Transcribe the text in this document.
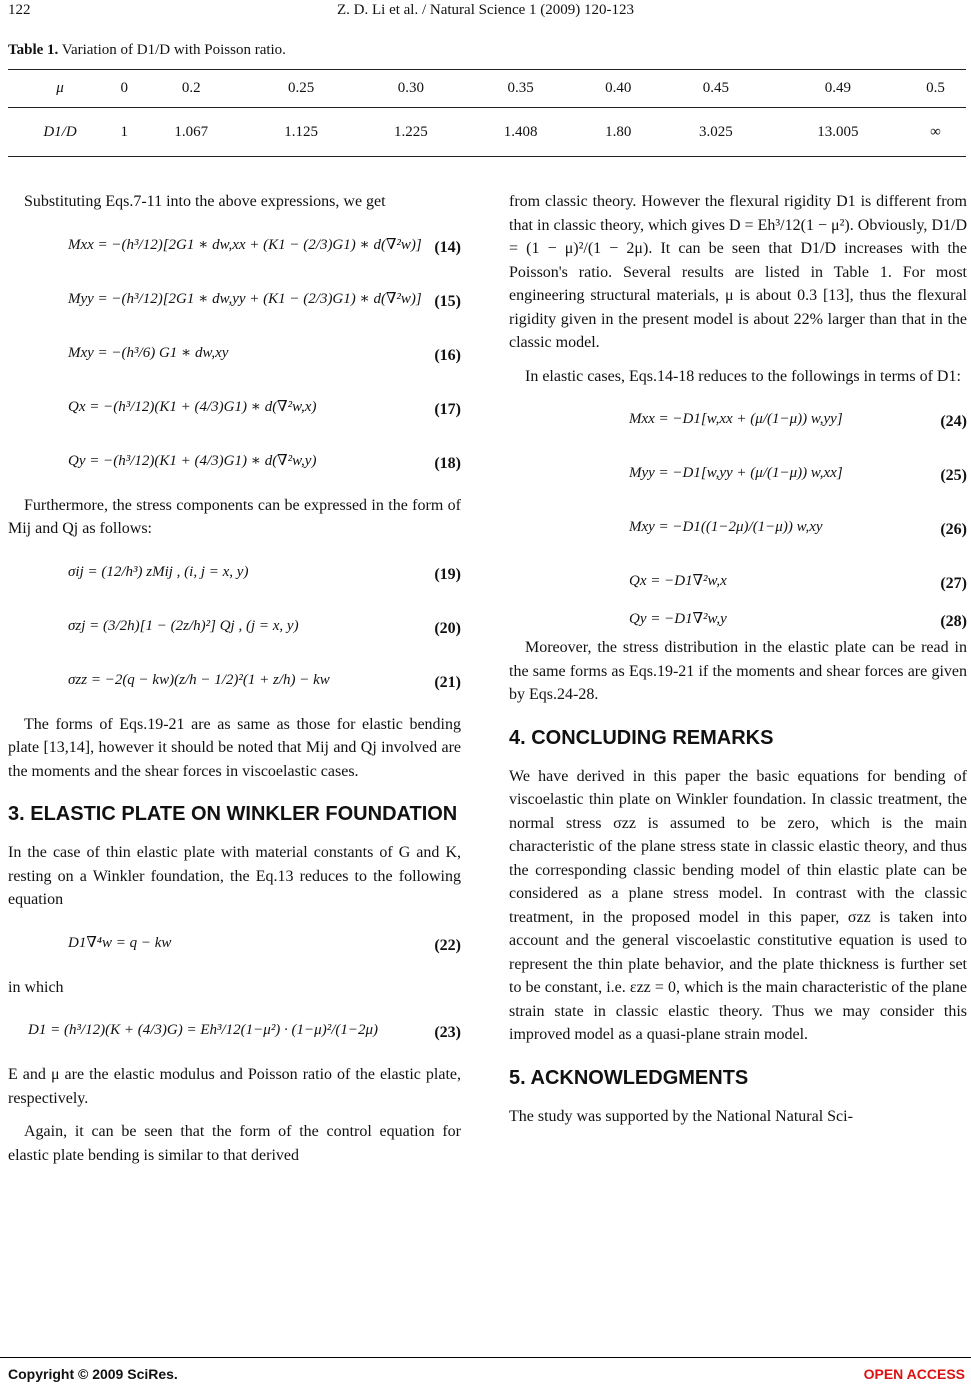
122	Z. D. Li et al. / Natural Science 1 (2009) 120-123
Table 1. Variation of D1/D with Poisson ratio.
μ	0	0.2	0.25	0.30	0.35	0.40	0.45	0.49	0.5
D1/D	1	1.067	1.125	1.225	1.408	1.80	3.025	13.005	∞

Substituting Eqs.7-11 into the above expressions, we get

Mxx = −(h³/12)[2G1 ∗ dw,xx + (K1 − (2/3)G1) ∗ d(∇²w)] (14)
Myy = −(h³/12)[2G1 ∗ dw,yy + (K1 − (2/3)G1) ∗ d(∇²w)] (15)
Mxy = −(h³/6) G1 ∗ dw,xy	(16)
Qx = −(h³/12)(K1 + (4/3)G1) ∗ d(∇²w,x)	(17)
Qy = −(h³/12)(K1 + (4/3)G1) ∗ d(∇²w,y)	(18)

Furthermore, the stress components can be expressed in the form of Mij and Qj as follows:

σij = (12/h³) zMij , (i, j = x, y)	(19)
σzj = (3/2h)[1 − (2z/h)²] Qj , (j = x, y)	(20)
σzz = −2(q − kw)(z/h − 1/2)²(1 + z/h) − kw	(21)

The forms of Eqs.19-21 are as same as those for elastic bending plate [13,14], however it should be noted that Mij and Qj involved are the moments and the shear forces in viscoelastic cases.

3. ELASTIC PLATE ON WINKLER FOUNDATION

In the case of thin elastic plate with material constants of G and K, resting on a Winkler foundation, the Eq.13 reduces to the following equation

D1∇⁴w = q − kw	(22)

in which

D1 = (h³/12)(K + (4/3)G) = Eh³/12(1−μ²) · (1−μ)²/(1−2μ)	(23)

E and μ are the elastic modulus and Poisson ratio of the elastic plate, respectively.

Again, it can be seen that the form of the control equation for elastic plate bending is similar to that derived

from classic theory. However the flexural rigidity D1 is different from that in classic theory, which gives D = Eh³/12(1 − μ²). Obviously, D1/D = (1 − μ)²/(1 − 2μ). It can be seen that D1/D increases with the Poisson's ratio. Several results are listed in Table 1. For most engineering structural materials, μ is about 0.3 [13], thus the flexural rigidity given in the present model is about 22% larger than that in the classic model.

In elastic cases, Eqs.14-18 reduces to the followings in terms of D1:

Mxx = −D1[w,xx + (μ/(1−μ)) w,yy]	(24)
Myy = −D1[w,yy + (μ/(1−μ)) w,xx]	(25)
Mxy = −D1((1−2μ)/(1−μ)) w,xy	(26)
Qx = −D1∇²w,x	(27)
Qy = −D1∇²w,y	(28)

Moreover, the stress distribution in the elastic plate can be read in the same forms as Eqs.19-21 if the moments and shear forces are given by Eqs.24-28.

4. CONCLUDING REMARKS

We have derived in this paper the basic equations for bending of viscoelastic thin plate on Winkler foundation. In classic treatment, the normal stress σzz is assumed to be zero, which is the main characteristic of the plane stress state in classic elastic theory, and thus the corresponding classic bending model of thin elastic plate can be considered as a plane stress model. In contrast with the classic treatment, in the proposed model in this paper, σzz is taken into account and the general viscoelastic constitutive equation is used to represent the thin plate behavior, and the plate thickness is further set to be constant, i.e. εzz = 0, which is the main characteristic of the plane strain state in classic elastic theory. Thus we may consider this improved model as a quasi-plane strain model.

5. ACKNOWLEDGMENTS

The study was supported by the National Natural Sci-

Copyright © 2009 SciRes.	OPEN ACCESS
